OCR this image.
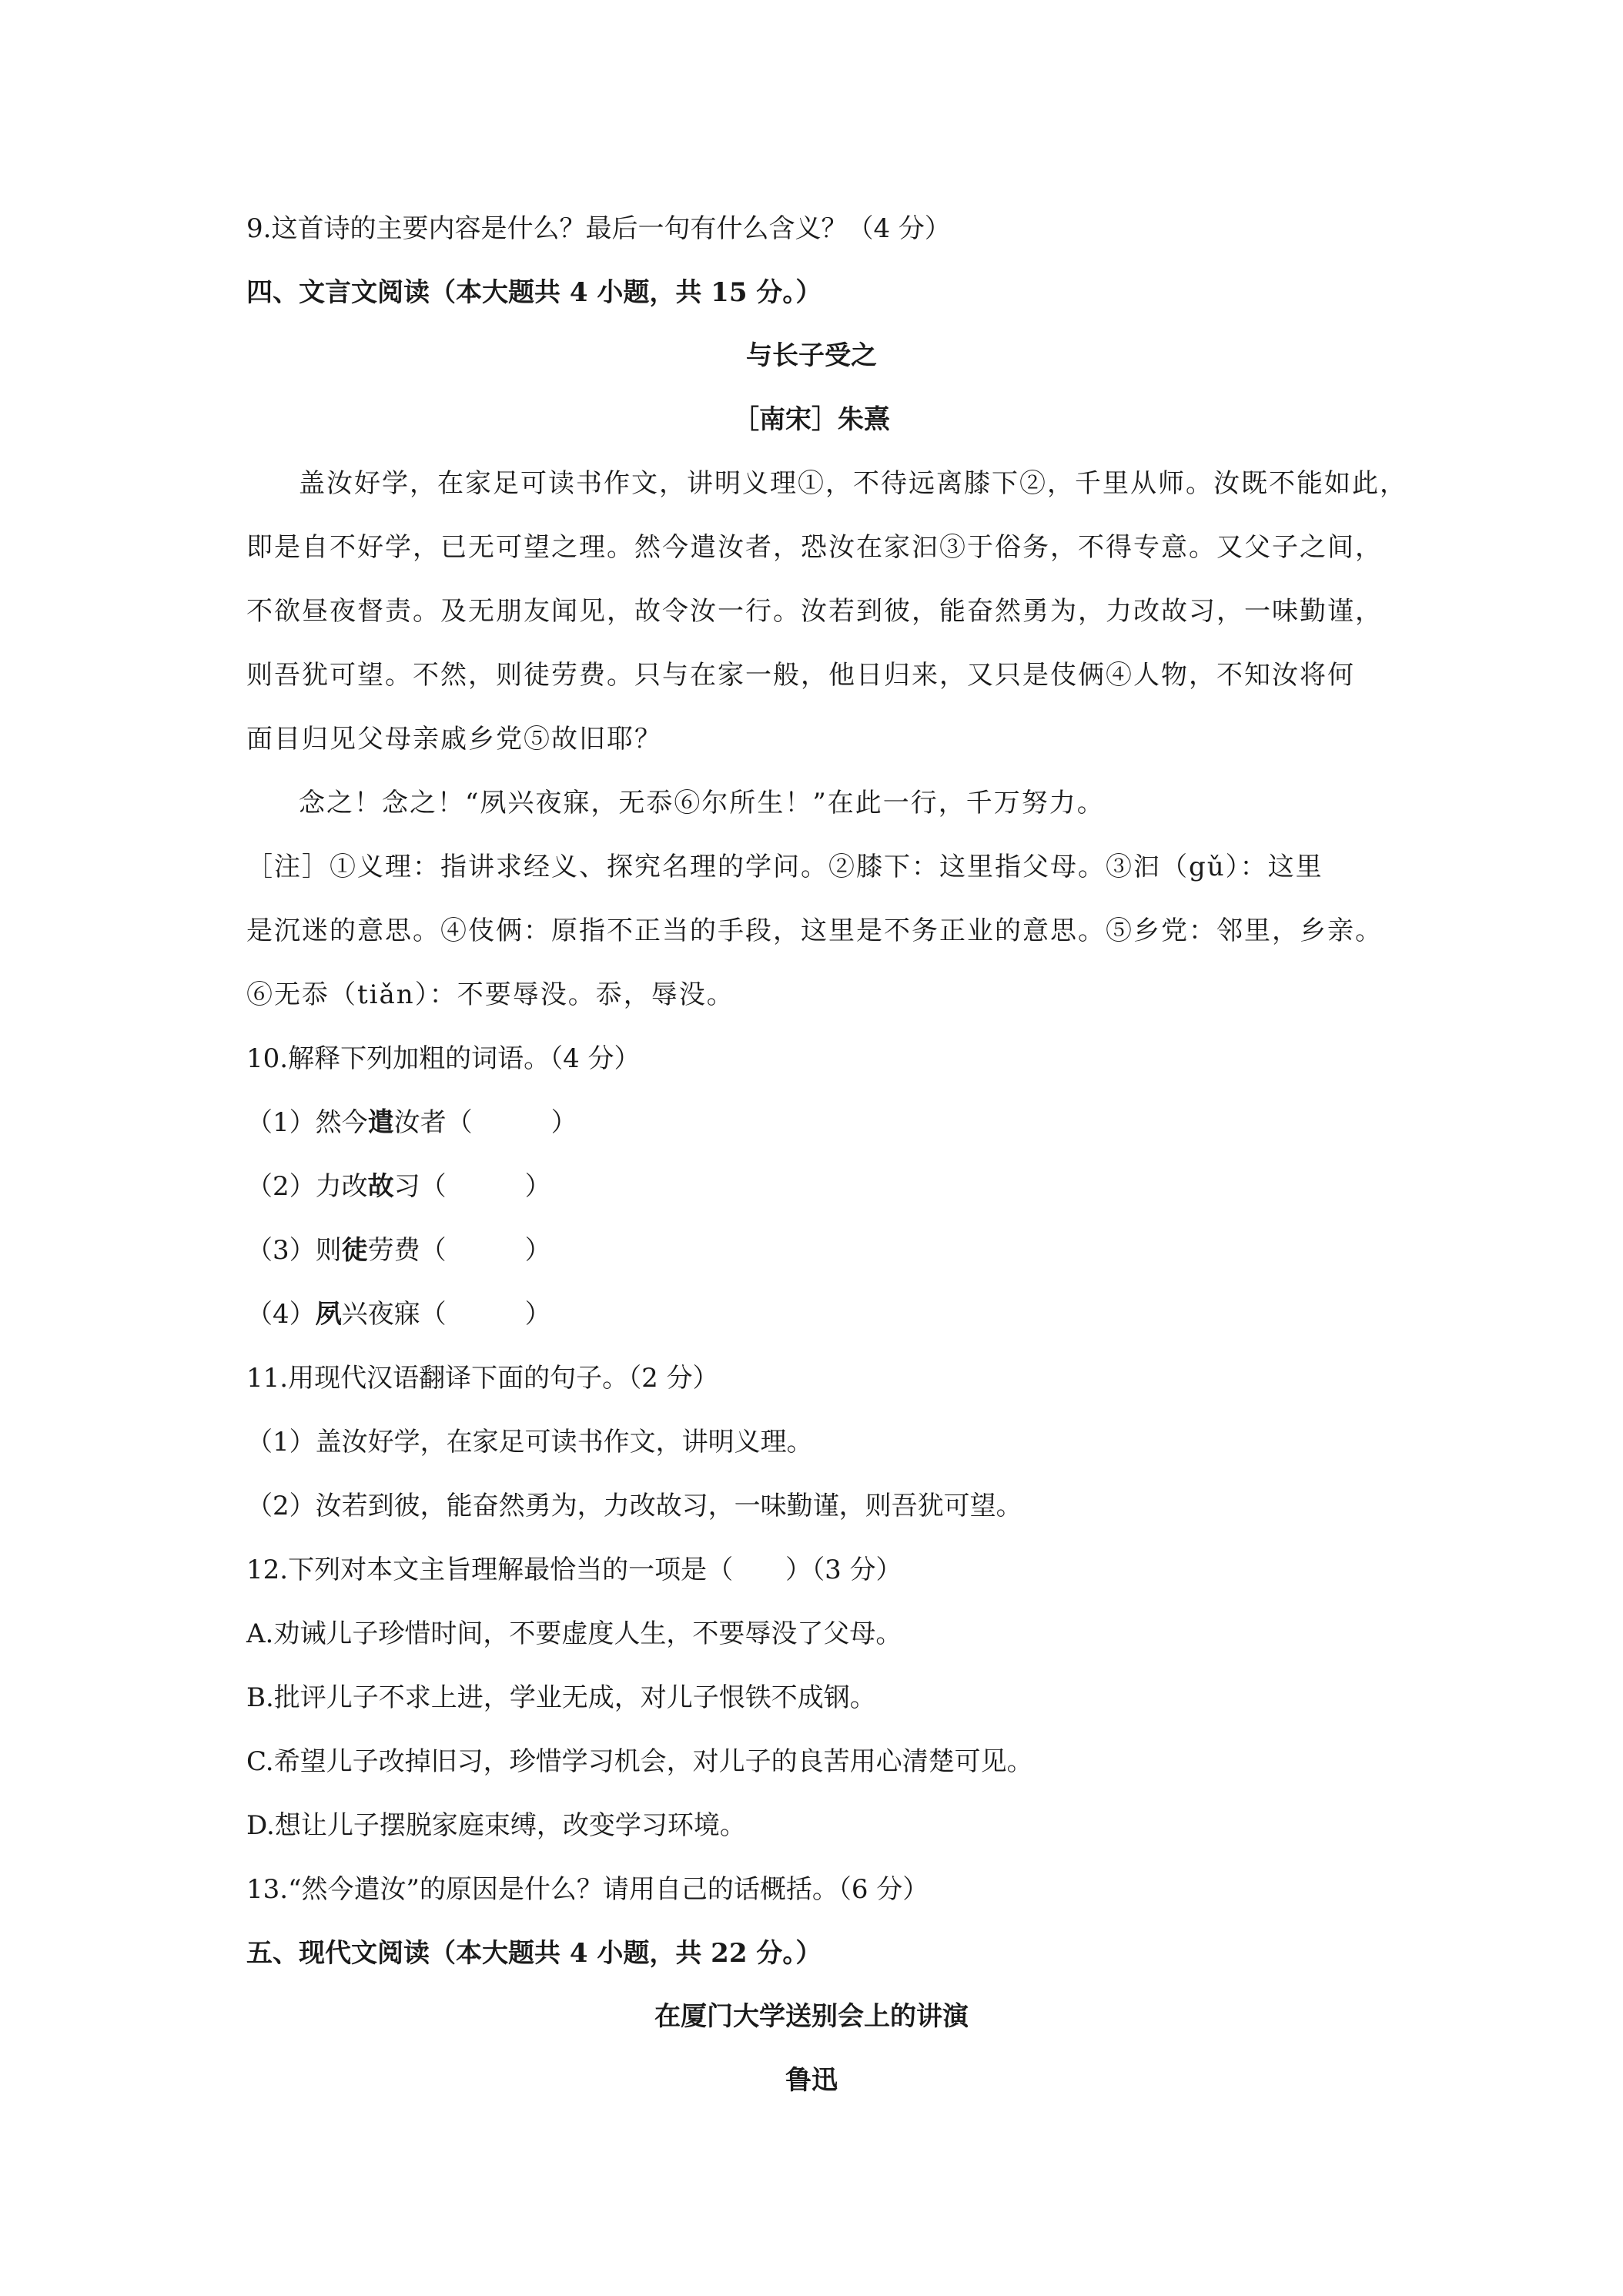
9.这首诗的主要内容是什么？最后一句有什么含义？（4 分）
四、文言文阅读（本大题共 4 小题，共 15 分。）
与长子受之
［南宋］朱熹
盖汝好学，在家足可读书作文，讲明义理①，不待远离膝下②，千里从师。汝既不能如此，
即是自不好学，已无可望之理。然今遣汝者，恐汝在家汩③于俗务，不得专意。又父子之间，
不欲昼夜督责。及无朋友闻见，故令汝一行。汝若到彼，能奋然勇为，力改故习，一味勤谨，
则吾犹可望。不然，则徒劳费。只与在家一般，他日归来，又只是伎俩④人物，不知汝将何
面目归见父母亲戚乡党⑤故旧耶？
念之！念之！“夙兴夜寐，无忝⑥尔所生！”在此一行，千万努力。
［注］①义理：指讲求经义、探究名理的学问。②膝下：这里指父母。③汩（gǔ）：这里
是沉迷的意思。④伎俩：原指不正当的手段，这里是不务正业的意思。⑤乡党：邻里，乡亲。
⑥无忝（tiǎn）：不要辱没。忝，辱没。
10.解释下列加粗的词语。（4 分）
（1）然今遣汝者（　　　）
（2）力改故习（　　　）
（3）则徒劳费（　　　）
（4）夙兴夜寐（　　　）
11.用现代汉语翻译下面的句子。（2 分）
（1）盖汝好学，在家足可读书作文，讲明义理。
（2）汝若到彼，能奋然勇为，力改故习，一味勤谨，则吾犹可望。
12.下列对本文主旨理解最恰当的一项是（　　）（3 分）
A.劝诫儿子珍惜时间，不要虚度人生，不要辱没了父母。
B.批评儿子不求上进，学业无成，对儿子恨铁不成钢。
C.希望儿子改掉旧习，珍惜学习机会，对儿子的良苦用心清楚可见。
D.想让儿子摆脱家庭束缚，改变学习环境。
13.“然今遣汝”的原因是什么？请用自己的话概括。（6 分）
五、现代文阅读（本大题共 4 小题，共 22 分。）
在厦门大学送别会上的讲演
鲁迅
